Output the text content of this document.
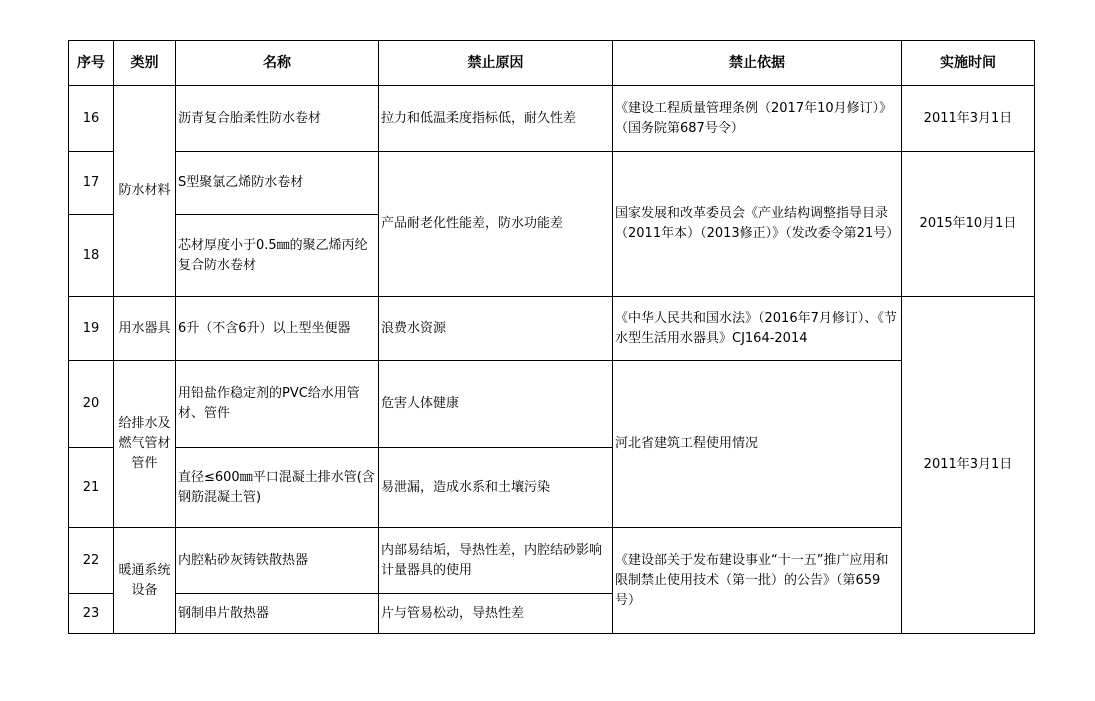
序号	类别	名称	禁止原因	禁止依据	实施时间
16	防水材料	沥青复合胎柔性防水卷材	拉力和低温柔度指标低，耐久性差	《建设工程质量管理条例（2017年10月修订）》（国务院第687号令）	2011年3月1日
17		S型聚氯乙烯防水卷材	产品耐老化性能差，防水功能差	国家发展和改革委员会《产业结构调整指导目录（2011年本）（2013修正）》（发改委令第21号）	2015年10月1日
18		芯材厚度小于0.5㎜的聚乙烯丙纶复合防水卷材			
19	用水器具	6升（不含6升）以上型坐便器	浪费水资源	《中华人民共和国水法》（2016年7月修订）、《节水型生活用水器具》CJ164-2014	2011年3月1日
20	给排水及燃气管材管件	用铅盐作稳定剂的PVC给水用管材、管件	危害人体健康	河北省建筑工程使用情况	
21		直径≤600㎜平口混凝土排水管(含钢筋混凝土管)	易泄漏，造成水系和土壤污染		
22	暖通系统设备	内腔粘砂灰铸铁散热器	内部易结垢，导热性差，内腔结砂影响计量器具的使用	《建设部关于发布建设事业“十一五”推广应用和限制禁止使用技术（第一批）的公告》（第659号）	
23		钢制串片散热器	片与管易松动，导热性差		
